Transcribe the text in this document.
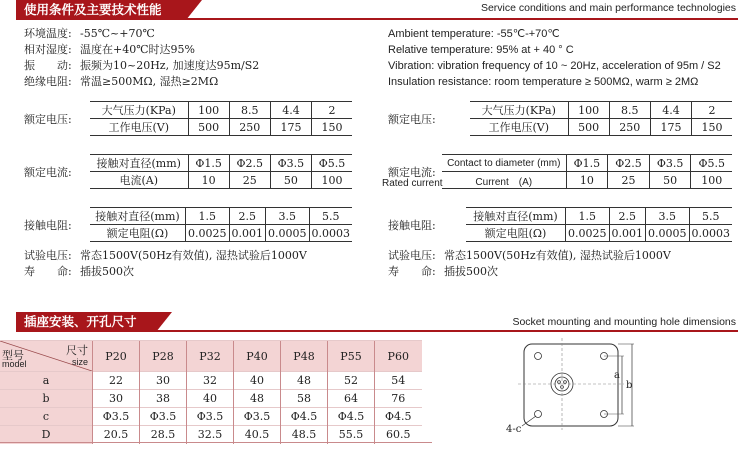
使用条件及主要技术性能	Service conditions and main performance technologies
环境温度: -55℃~+70℃
相对湿度: 温度在+40℃时达95%
振　　动: 振频为10~20Hz, 加速度达95m/S2
绝缘电阻: 常温≥500MΩ, 湿热≥2MΩ
Ambient temperature: -55℃-+70℃
Relative temperature: 95% at + 40 ° C
Vibration: vibration frequency of 10 ~ 20Hz, acceleration of 95m / S2
Insulation resistance: room temperature ≥ 500MΩ, warm ≥ 2MΩ
额定电压:
大气压力(KPa)	100	8.5	4.4	2
工作电压(V)	500	250	175	150
额定电压:
大气压力(KPa)	100	8.5	4.4	2
工作电压(V)	500	250	175	150
额定电流:
接触对直径(mm)	Φ1.5	Φ2.5	Φ3.5	Φ5.5
电流(A)	10	25	50	100
额定电流:
Rated current
Contact to diameter (mm)	Φ1.5	Φ2.5	Φ3.5	Φ5.5
Current　(A)	10	25	50	100
接触电阻:
接触对直径(mm)	1.5	2.5	3.5	5.5
额定电阻(Ω)	0.0025	0.001	0.0005	0.0003
接触电阻:
接触对直径(mm)	1.5	2.5	3.5	5.5
额定电阻(Ω)	0.0025	0.001	0.0005	0.0003
试验电压: 常态1500V(50Hz有效值), 湿热试验后1000V
寿　　命: 插拔500次
试验电压: 常态1500V(50Hz有效值), 湿热试验后1000V
寿　　命: 插拔500次
插座安装、开孔尺寸	Socket mounting and mounting hole dimensions
尺寸
size
型号
model	P20	P28	P32	P40	P48	P55	P60
a	22	30	32	40	48	52	54
b	30	38	40	48	58	64	76
c	Φ3.5	Φ3.5	Φ3.5	Φ3.5	Φ4.5	Φ4.5	Φ4.5
D	20.5	28.5	32.5	40.5	48.5	55.5	60.5
a
b
4-c
